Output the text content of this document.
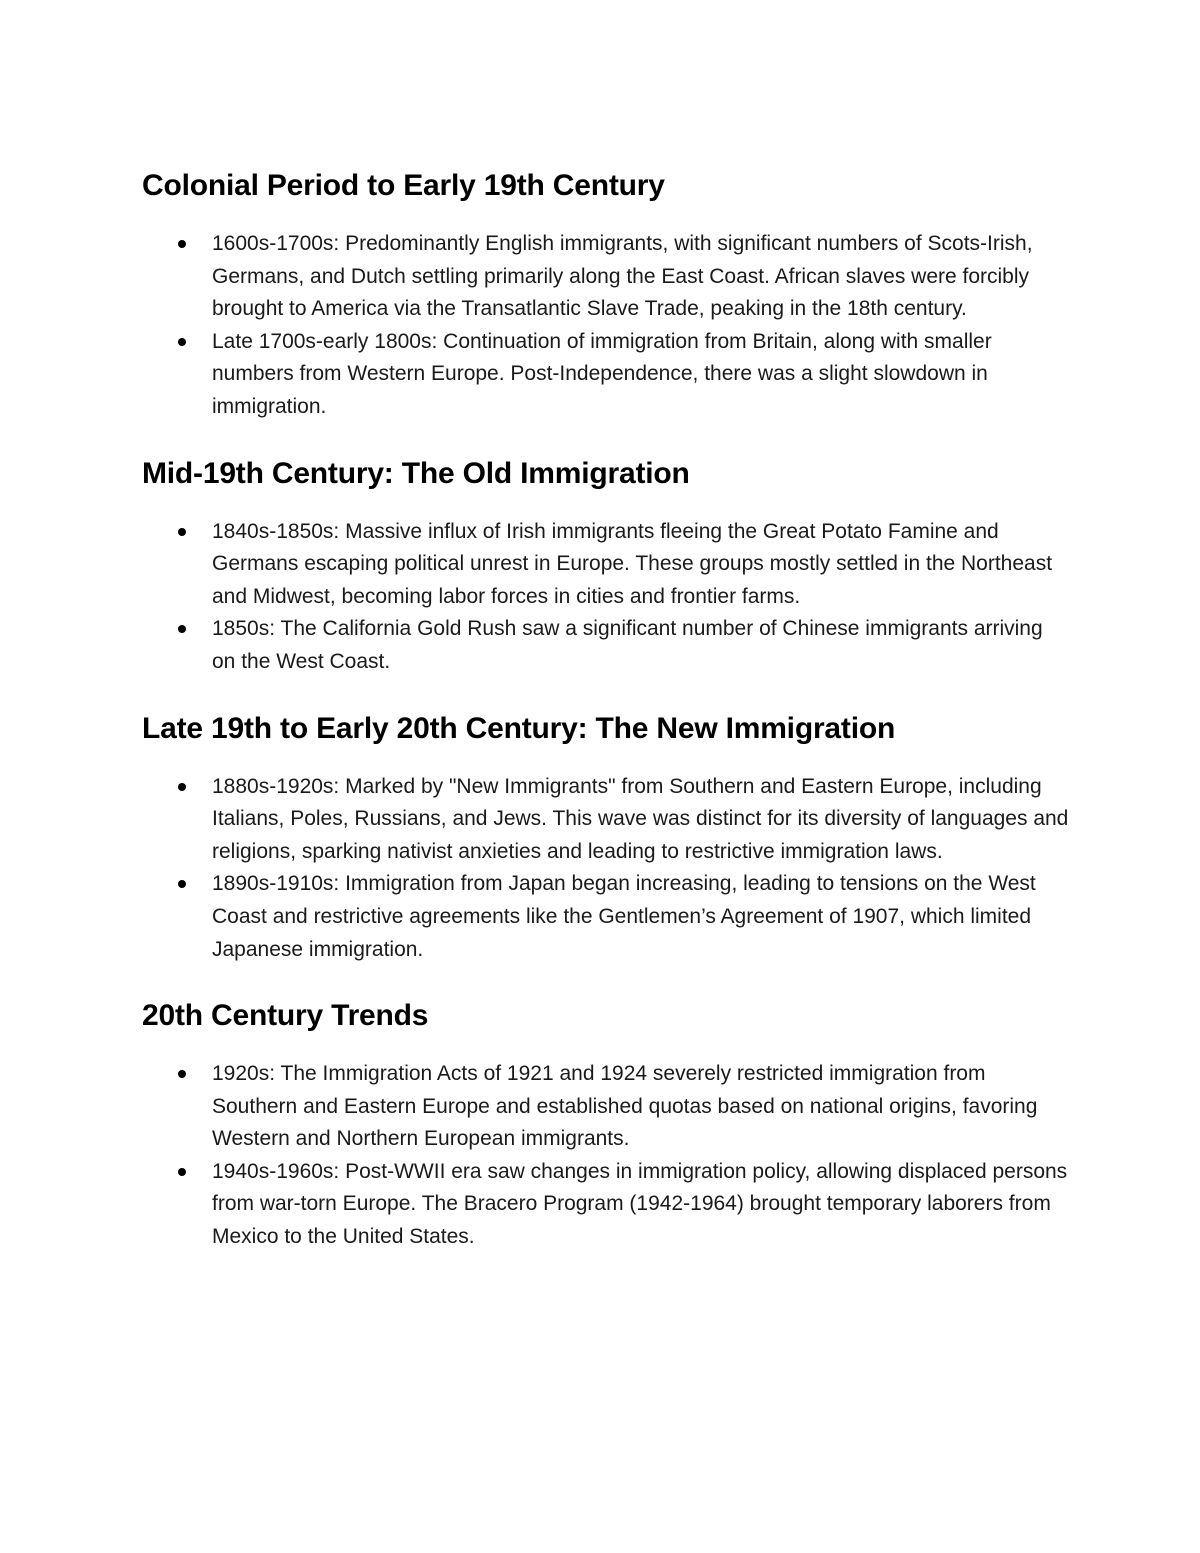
Colonial Period to Early 19th Century
1600s-1700s: Predominantly English immigrants, with significant numbers of Scots-Irish, Germans, and Dutch settling primarily along the East Coast. African slaves were forcibly brought to America via the Transatlantic Slave Trade, peaking in the 18th century.
Late 1700s-early 1800s: Continuation of immigration from Britain, along with smaller numbers from Western Europe. Post-Independence, there was a slight slowdown in immigration.
Mid-19th Century: The Old Immigration
1840s-1850s: Massive influx of Irish immigrants fleeing the Great Potato Famine and Germans escaping political unrest in Europe. These groups mostly settled in the Northeast and Midwest, becoming labor forces in cities and frontier farms.
1850s: The California Gold Rush saw a significant number of Chinese immigrants arriving on the West Coast.
Late 19th to Early 20th Century: The New Immigration
1880s-1920s: Marked by "New Immigrants" from Southern and Eastern Europe, including Italians, Poles, Russians, and Jews. This wave was distinct for its diversity of languages and religions, sparking nativist anxieties and leading to restrictive immigration laws.
1890s-1910s: Immigration from Japan began increasing, leading to tensions on the West Coast and restrictive agreements like the Gentlemen’s Agreement of 1907, which limited Japanese immigration.
20th Century Trends
1920s: The Immigration Acts of 1921 and 1924 severely restricted immigration from Southern and Eastern Europe and established quotas based on national origins, favoring Western and Northern European immigrants.
1940s-1960s: Post-WWII era saw changes in immigration policy, allowing displaced persons from war-torn Europe. The Bracero Program (1942-1964) brought temporary laborers from Mexico to the United States.
